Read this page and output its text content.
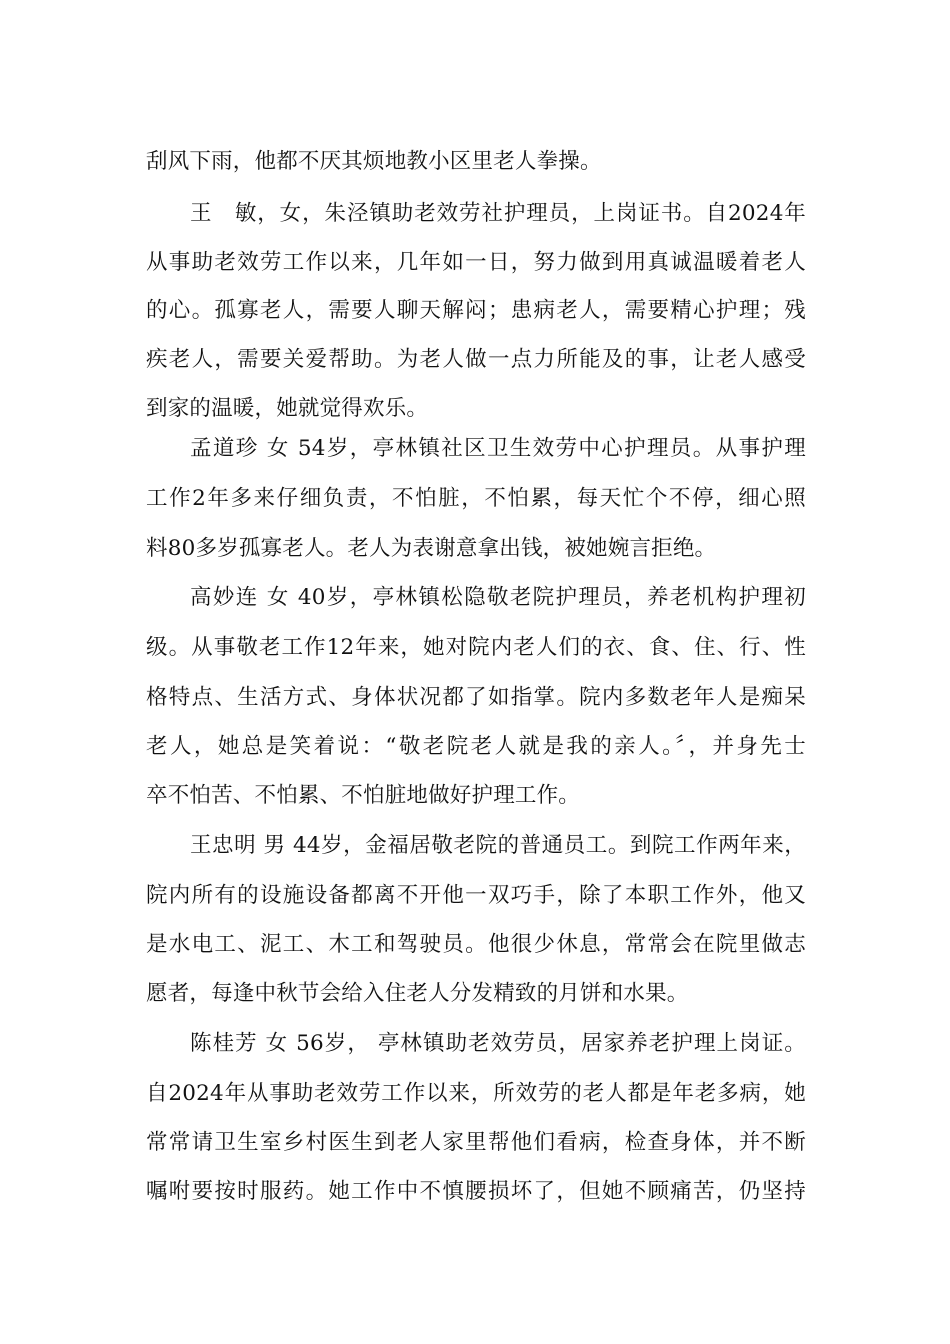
刮风下雨，他都不厌其烦地教小区里老人拳操。
王　敏，女，朱泾镇助老效劳社护理员，上岗证书。自2024年
从事助老效劳工作以来，几年如一日，努力做到用真诚温暖着老人
的心。孤寡老人，需要人聊天解闷；患病老人，需要精心护理；残
疾老人，需要关爱帮助。为老人做一点力所能及的事，让老人感受
到家的温暖，她就觉得欢乐。
孟道珍 女 54岁，亭林镇社区卫生效劳中心护理员。从事护理
工作2年多来仔细负责，不怕脏，不怕累，每天忙个不停，细心照
料80多岁孤寡老人。老人为表谢意拿出钱，被她婉言拒绝。
高妙连 女 40岁，亭林镇松隐敬老院护理员，养老机构护理初
级。从事敬老工作12年来，她对院内老人们的衣、食、住、行、性
格特点、生活方式、身体状况都了如指掌。院内多数老年人是痴呆
老人，她总是笑着说：“敬老院老人就是我的亲人。〞，并身先士
卒不怕苦、不怕累、不怕脏地做好护理工作。
王忠明 男 44岁，金福居敬老院的普通员工。到院工作两年来，
院内所有的设施设备都离不开他一双巧手，除了本职工作外，他又
是水电工、泥工、木工和驾驶员。他很少休息，常常会在院里做志
愿者，每逢中秋节会给入住老人分发精致的月饼和水果。
陈桂芳 女 56岁， 亭林镇助老效劳员，居家养老护理上岗证。
自2024年从事助老效劳工作以来，所效劳的老人都是年老多病，她
常常请卫生室乡村医生到老人家里帮他们看病，检查身体，并不断
嘱咐要按时服药。她工作中不慎腰损坏了，但她不顾痛苦，仍坚持
